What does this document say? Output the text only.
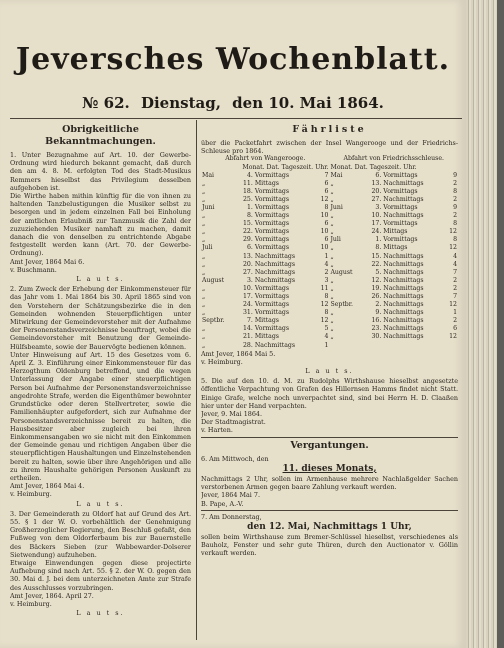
Jeversches Wochenblatt.
№ 62. Dienstag, den 10. Mai 1864.
Obrigkeitliche Bekanntmachungen.

1. Unter Bezugnahme auf Art. 10. der Gewerbe-Ordnung wird hiedurch bekannt gemacht, daß durch den am 4. 8. M. erfolgten Tod des Stadt-Musikus Remmers hieselbst das Privilegium desselben aufgehoben ist.

Die Wirthe haben mithin künftig für die von ihnen zu haltenden Tanzbelustigungen die Musiker selbst zu besorgen und in jedem einzelnen Fall bei Einholung der amtlichen Erlaubniß zur Tanzmusik die Zahl der zuzuziehenden Musiker namhaft zu machen, damit danach die von denselben zu entrichtende Abgabe festgestellt werden kann (Art. 70. der Gewerbe-Ordnung).

Amt Jever, 1864 Mai 6.

v. Buschmann.

L a u t s.

2. Zum Zweck der Erhebung der Einkommensteuer für das Jahr vom 1. Mai 1864 bis 30. April 1865 sind von den Vorstehern der Schätzungsbezirke die in den Gemeinden wohnenden Steuerpflichtigen unter Mitwirkung der Gemeindevorsteher mit der Aufnahme der Personenstandsverzeichnisse beauftragt, wobei die Gemeindevorsteher mit Benutzung der Gemeinde-Hülfsbeamte, sowie der Bauervögte bedienen können.

Unter Hinweisung auf Art. 15 des Gesetzes vom 6. April Z. 3. Einführung einer Einkommensteuer für das Herzogthum Oldenburg betreffend, und die wegen Unterlassung der Angabe einer steuerpflichtigen Person bei Aufnahme der Personenstandsverzeichnisse angedrohte Strafe, werden die Eigenthümer bewohnter Grundstücke oder deren Stellvertreter, sowie die Familienhäupter aufgefordert, sich zur Aufnahme der Personenstandsverzeichnisse bereit zu halten, die Hausbesitzer aber zugleich bei ihren Einkommensangaben wo sie nicht mit den Einkommen der Gemeinde genau und richtigen Angaben über die steuerpflichtigen Haushaltungen und Einzelnstehenden bereit zu halten, sowie über ihre Angehörigen und alle zu ihrem Haushalte gehörigen Personen Auskunft zu ertheilen.

Amt Jever, 1864 Mai 4.

v. Heimburg.

L a u t s.

3. Der Gemeinderath zu Oldorf hat auf Grund des Art. 55. § 1 der W. O. vorbehältlich der Genehmigung Großherzoglicher Regierung, den Beschluß gefaßt, den Fußweg von dem Oldorferbaum bis zur Bauernstelle des Bäckers Sieben (zur Wabbewarder-Dolserer Sietwendung) aufzuheben.

Etwaige Einwendungen gegen diese projectirte Aufhebung sind nach Art. 55. § 2. der W. O. gegen den 30. Mai d. J. bei dem unterzeichneten Amte zur Strafe des Ausschlusses vorzubringen.

Amt Jever, 1864. April 27.

v. Heimburg.

L a u t s.
Fährliste

über die Packetfahrt zwischen der Insel Wangerooge und der Friedrichs-Schleuse pro 1864.

Abfahrt von Wangerooge.	Abfahrt von Friedrichsschleuse.
Monat. Dat. Tageszeit. Uhr. Monat. Dat. Tageszeit. Uhr.
Mai	4.	Vormittags	7	Mai	6.	Vormittags	9
„	11.	Mittags	6	„	13.	Nachmittags	2
„	18.	Vormittags	6	„	20.	Vormittags	8
„	25.	Vormittags	12	„	27.	Nachmittags	2
Juni	1.	Vormittags	8	Juni	3.	Vormittags	9
„	8.	Vormittags	10	„	10.	Nachmittags	2
„	15.	Vormittags	6	„	17.	Vormittags	8
„	22.	Vormittags	10	„	24.	Mittags	12
„	29.	Vormittags	6	Juli	1.	Vormittags	8
Juli	6.	Vormittags	10	„	8.	Mittags	12
„	13.	Nachmittags	1	„	15.	Nachmittags	4
„	20.	Nachmittags	4	„	22.	Nachmittags	4
„	27.	Nachmittags	2	August	5.	Nachmittags	7
August	3.	Nachmittags	3	„	12.	Nachmittags	2
„	10.	Vormittags	11	„	19.	Nachmittags	2
„	17.	Vormittags	8	„	26.	Nachmittags	7
„	24.	Vormittags	12	Septbr.	2.	Nachmittags	12
„	31.	Vormittags	8	„	9.	Nachmittags	1
Septbr.	7.	Mittags	12	„	16.	Nachmittags	2
„	14.	Vormittags	5	„	23.	Nachmittags	6
„	21.	Mittags	4	„	30.	Nachmittags	12
„	28.	Nachmittags	1				

Amt Jever, 1864 Mai 5.

v. Heimburg.

L a u t s.

5. Die auf den 10. d. M. zu Rudolphs Wirthshause hieselbst angesetzte öffentliche Verpachtung von Grafen des Hillernsen Hamms findet nicht Statt. Einige Grafe, welche noch unverpachtet sind, sind bei Herrn H. D. Claaßen hier unter der Hand verpachten.

Jever, 9. Mai 1864.

Der Stadtmagistrat.

v. Harten.

Vergantungen.

6. Am Mittwoch, den

11. dieses Monats,

Nachmittags 2 Uhr, sollen im Armenhause mehrere Nachlaßgelder Sachen verstorbenen Armen gegen baare Zahlung verkauft werden.

Jever, 1864 Mai 7.

B. Pape, A.-V.

7. Am Donnerstag,

den 12. Mai, Nachmittags 1 Uhr,

sollen beim Wirthshause zum Bremer-Schlüssel hieselbst, verschiedenes als Bauholz, Fenster und sehr gute Thüren, durch den Auctionator v. Göllin verkauft werden.
